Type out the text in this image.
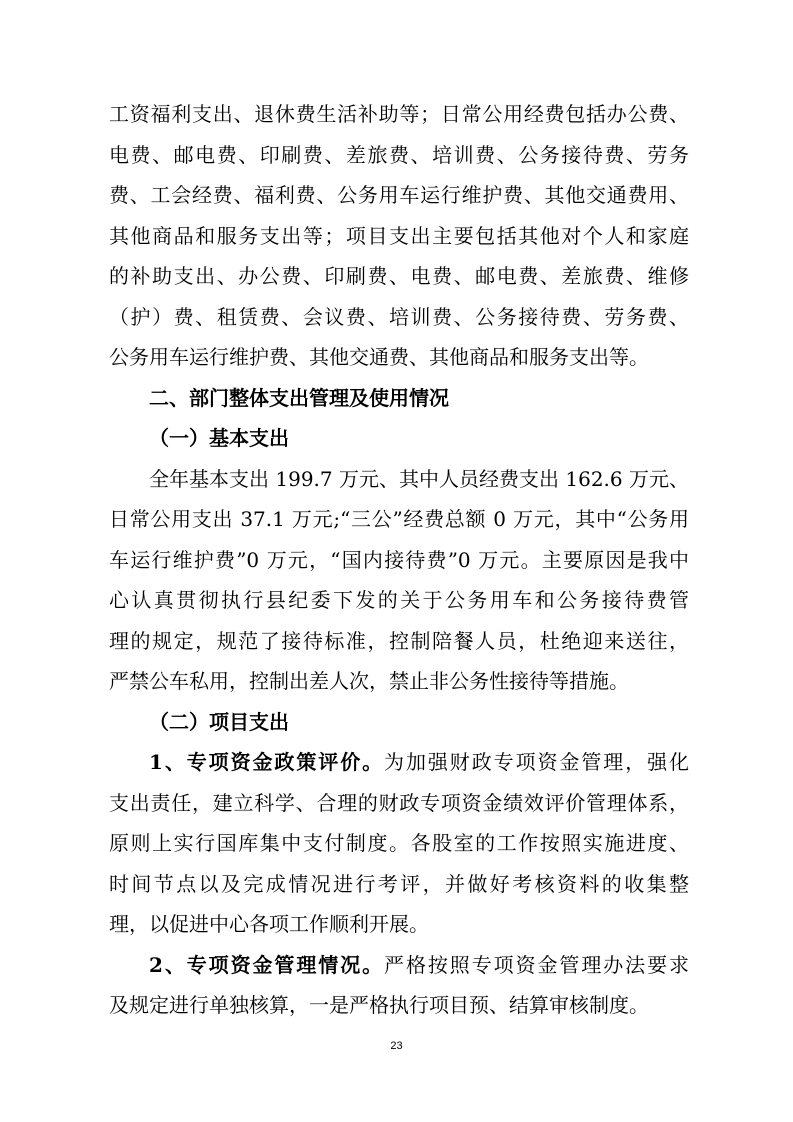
工资福利支出、退休费生活补助等；日常公用经费包括办公费、
电费、邮电费、印刷费、差旅费、培训费、公务接待费、劳务
费、工会经费、福利费、公务用车运行维护费、其他交通费用、
其他商品和服务支出等；项目支出主要包括其他对个人和家庭
的补助支出、办公费、印刷费、电费、邮电费、差旅费、维修
（护）费、租赁费、会议费、培训费、公务接待费、劳务费、
公务用车运行维护费、其他交通费、其他商品和服务支出等。
二、部门整体支出管理及使用情况
（一）基本支出
全年基本支出 199.7 万元、其中人员经费支出 162.6 万元、
日常公用支出 37.1 万元;“三公”经费总额 0 万元，其中“公务用
车运行维护费”0 万元，“国内接待费”0 万元。主要原因是我中
心认真贯彻执行县纪委下发的关于公务用车和公务接待费管
理的规定，规范了接待标准，控制陪餐人员，杜绝迎来送往，
严禁公车私用，控制出差人次，禁止非公务性接待等措施。
（二）项目支出
1、专项资金政策评价。为加强财政专项资金管理，强化
支出责任，建立科学、合理的财政专项资金绩效评价管理体系，
原则上实行国库集中支付制度。各股室的工作按照实施进度、
时间节点以及完成情况进行考评，并做好考核资料的收集整
理，以促进中心各项工作顺利开展。
2、专项资金管理情况。严格按照专项资金管理办法要求
及规定进行单独核算，一是严格执行项目预、结算审核制度。
23
